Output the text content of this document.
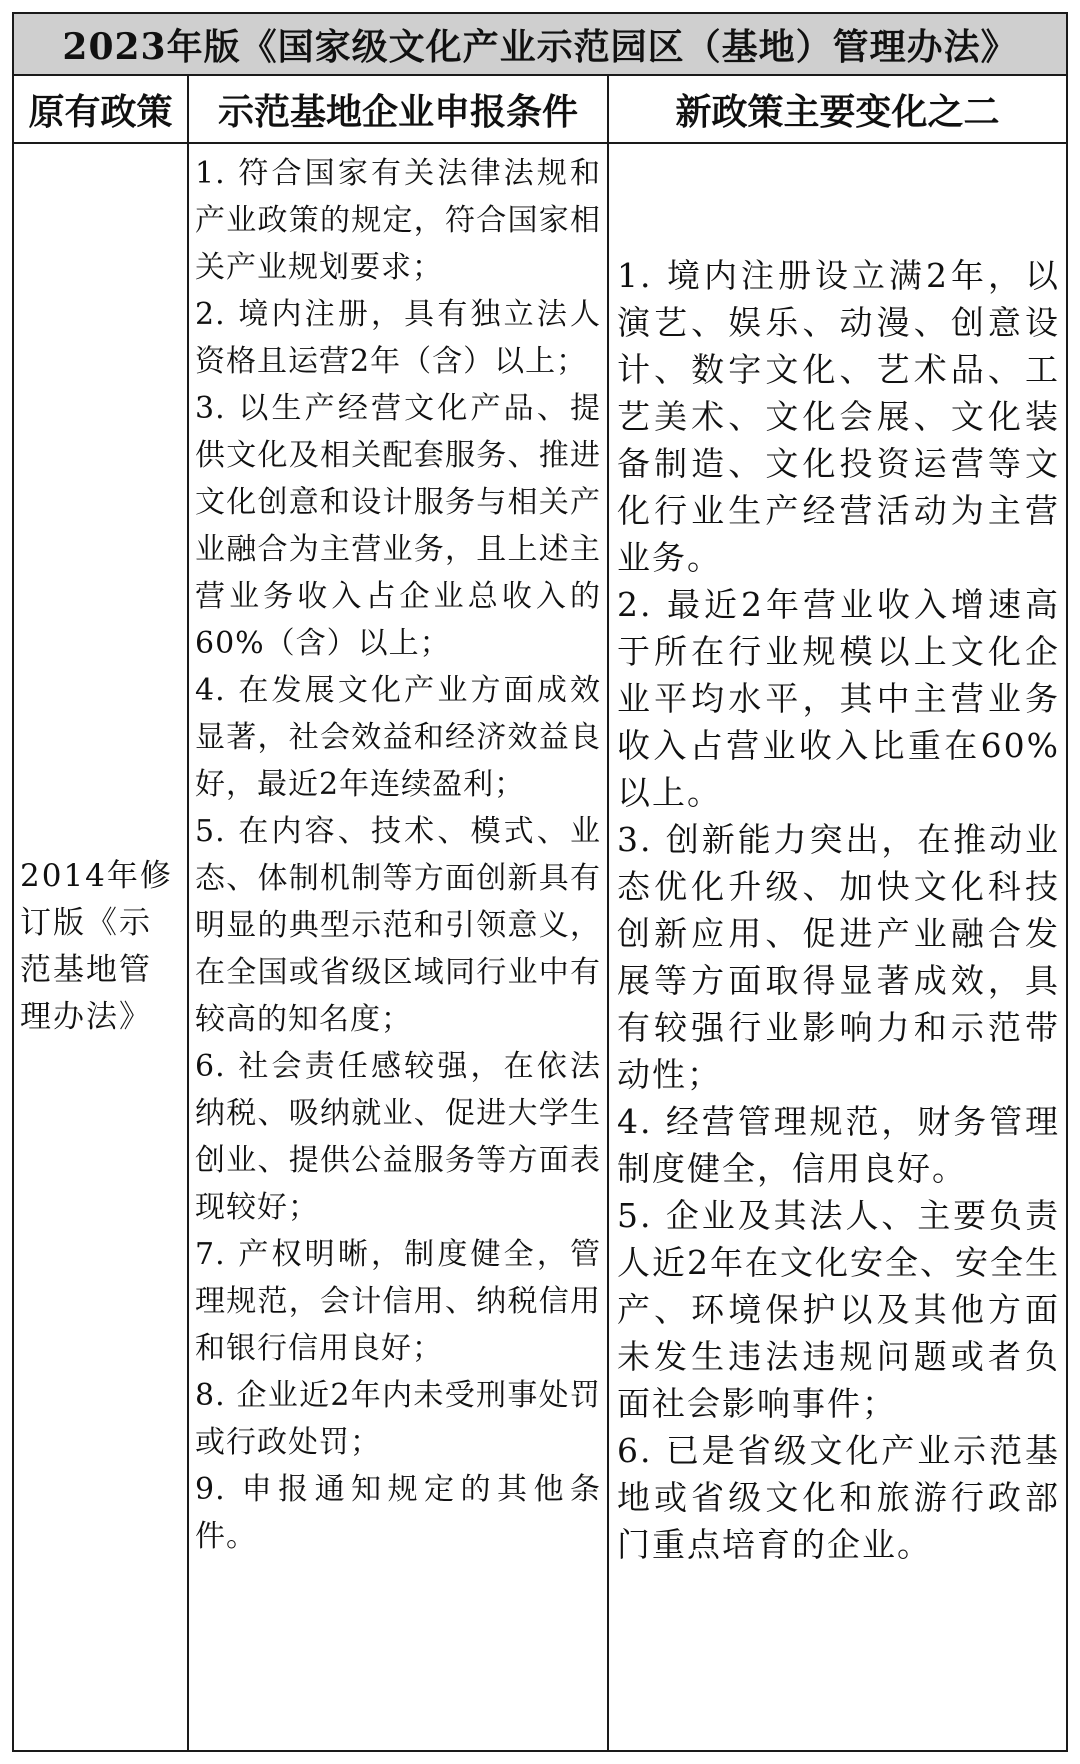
2023年版《国家级文化产业示范园区（基地）管理办法》
原有政策	示范基地企业申报条件	新政策主要变化之二
2014年修订版《示范基地管理办法》

1. 符合国家有关法律法规和产业政策的规定，符合国家相关产业规划要求；

2. 境内注册，具有独立法人资格且运营2年（含）以上；

3. 以生产经营文化产品、提供文化及相关配套服务、推进文化创意和设计服务与相关产业融合为主营业务，且上述主营业务收入占企业总收入的60%（含）以上；

4. 在发展文化产业方面成效显著，社会效益和经济效益良好，最近2年连续盈利；

5. 在内容、技术、模式、业态、体制机制等方面创新具有明显的典型示范和引领意义，在全国或省级区域同行业中有较高的知名度；

6. 社会责任感较强，在依法纳税、吸纳就业、促进大学生创业、提供公益服务等方面表现较好；

7. 产权明晰，制度健全，管理规范，会计信用、纳税信用和银行信用良好；

8. 企业近2年内未受刑事处罚或行政处罚；

9. 申报通知规定的其他条件。

1. 境内注册设立满2年，以演艺、娱乐、动漫、创意设计、数字文化、艺术品、工艺美术、文化会展、文化装备制造、文化投资运营等文化行业生产经营活动为主营业务。

2. 最近2年营业收入增速高于所在行业规模以上文化企业平均水平，其中主营业务收入占营业收入比重在60%以上。

3. 创新能力突出，在推动业态优化升级、加快文化科技创新应用、促进产业融合发展等方面取得显著成效，具有较强行业影响力和示范带动性；

4. 经营管理规范，财务管理制度健全，信用良好。

5. 企业及其法人、主要负责人近2年在文化安全、安全生产、环境保护以及其他方面未发生违法违规问题或者负面社会影响事件；

6. 已是省级文化产业示范基地或省级文化和旅游行政部门重点培育的企业。
